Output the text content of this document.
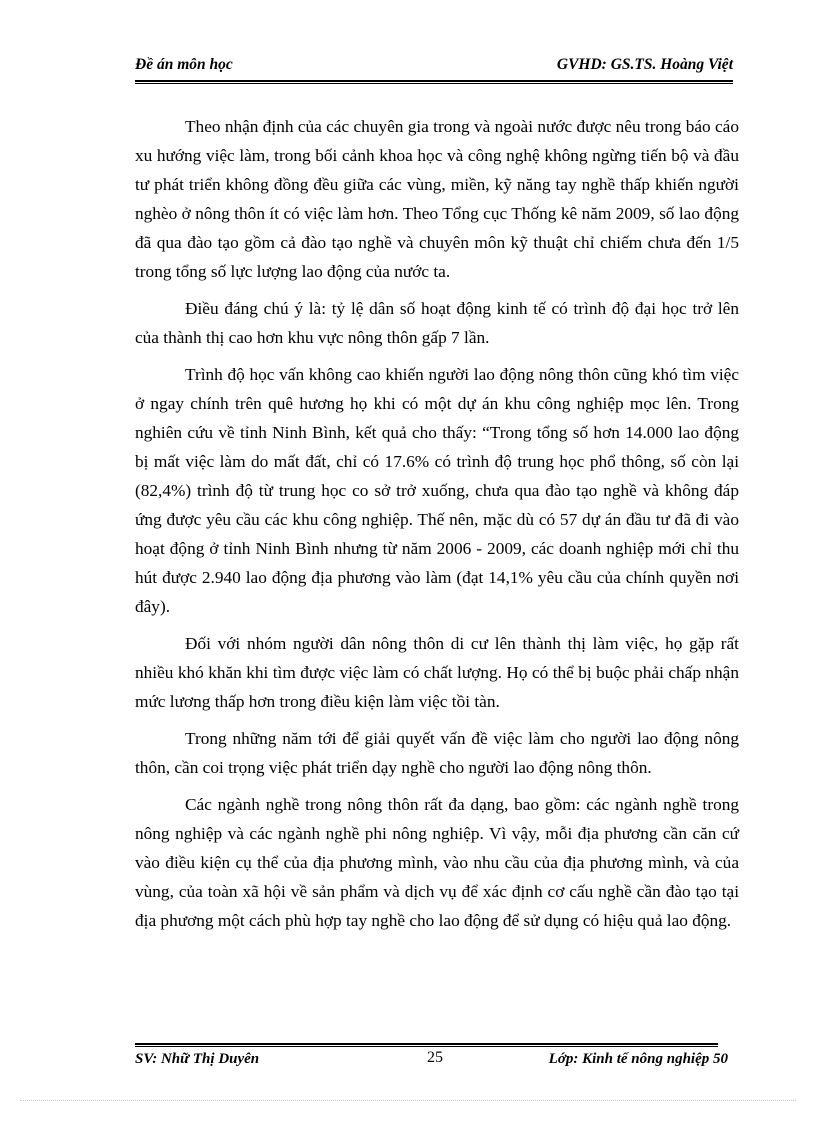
Đề án môn học	GVHD: GS.TS. Hoàng Việt

Theo nhận định của các chuyên gia trong và ngoài nước được nêu trong báo cáo xu hướng việc làm, trong bối cảnh khoa học và công nghệ không ngừng tiến bộ và đầu tư phát triển không đồng đều giữa các vùng, miền, kỹ năng tay nghề thấp khiến người nghèo ở nông thôn ít có việc làm hơn. Theo Tổng cục Thống kê năm 2009, số lao động đã qua đào tạo gồm cả đào tạo nghề và chuyên môn kỹ thuật chỉ chiếm chưa đến 1/5 trong tổng số lực lượng lao động của nước ta.

Điều đáng chú ý là: tỷ lệ dân số hoạt động kinh tế có trình độ đại học trở lên của thành thị cao hơn khu vực nông thôn gấp 7 lần.

Trình độ học vấn không cao khiến người lao động nông thôn cũng khó tìm việc ở ngay chính trên quê hương họ khi có một dự án khu công nghiệp mọc lên. Trong nghiên cứu về tỉnh Ninh Bình, kết quả cho thấy: “Trong tổng số hơn 14.000 lao động bị mất việc làm do mất đất, chỉ có 17.6% có trình độ trung học phổ thông, số còn lại (82,4%) trình độ từ trung học co sở trở xuống, chưa qua đào tạo nghề và không đáp ứng được yêu cầu các khu công nghiệp. Thế nên, mặc dù có 57 dự án đầu tư đã đi vào hoạt động ở tỉnh Ninh Bình nhưng từ năm 2006 - 2009, các doanh nghiệp mới chỉ thu hút được 2.940 lao động địa phương vào làm (đạt 14,1% yêu cầu của chính quyền nơi đây).

Đối với nhóm người dân nông thôn di cư lên thành thị làm việc, họ gặp rất nhiều khó khăn khi tìm được việc làm có chất lượng. Họ có thể bị buộc phải chấp nhận mức lương thấp hơn trong điều kiện làm việc tồi tàn.

Trong những năm tới để giải quyết vấn đề việc làm cho người lao động nông thôn, cần coi trọng việc phát triển dạy nghề cho người lao động nông thôn.

Các ngành nghề trong nông thôn rất đa dạng, bao gồm: các ngành nghề trong nông nghiệp và các ngành nghề phi nông nghiệp. Vì vậy, mỗi địa phương cần căn cứ vào điều kiện cụ thể của địa phương mình, vào nhu cầu của địa phương mình, và của vùng, của toàn xã hội về sản phẩm và dịch vụ để xác định cơ cấu nghề cần đào tạo tại địa phương một cách phù hợp tay nghề cho lao động để sử dụng có hiệu quả lao động.

SV: Nhữ Thị Duyên	25	Lớp: Kinh tế nông nghiệp 50
